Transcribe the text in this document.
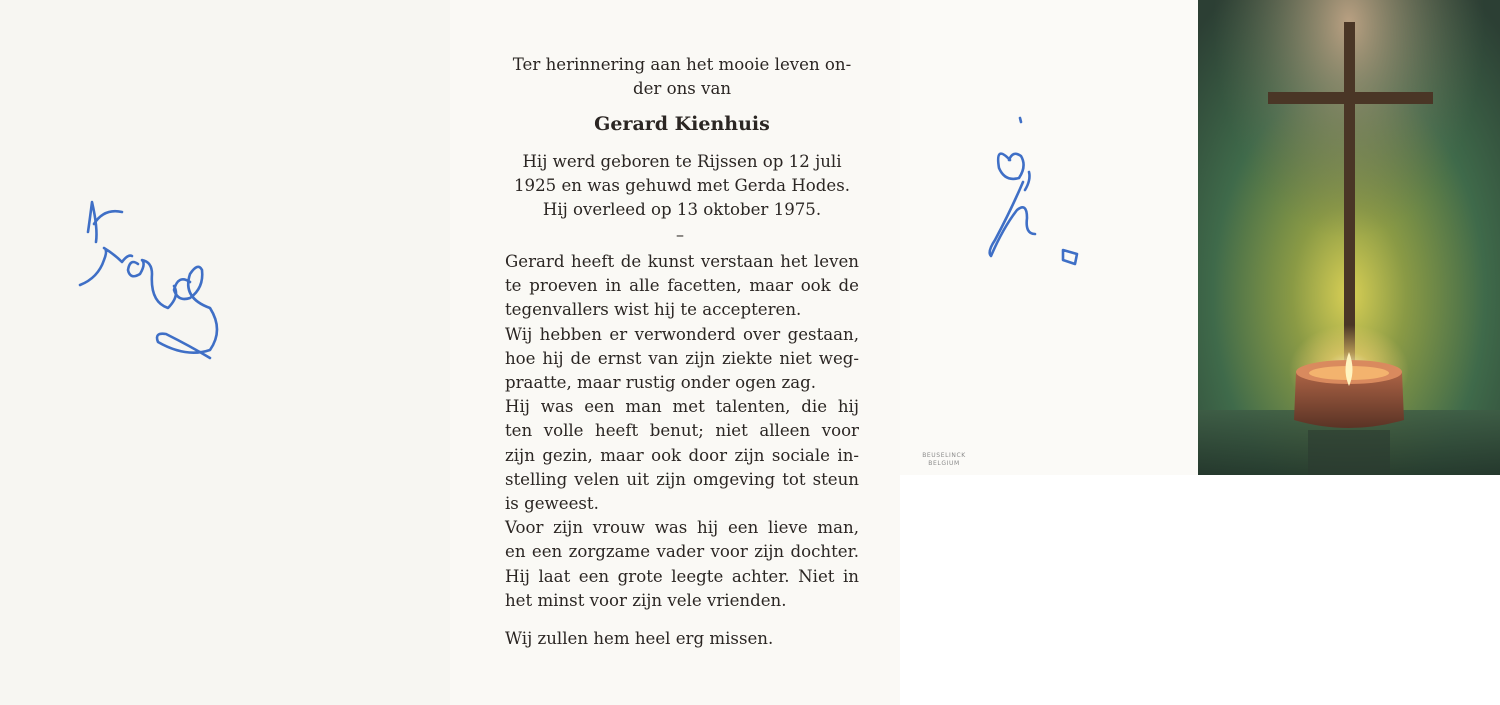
Ter herinnering aan het mooie leven on-
der ons van
Gerard Kienhuis
Hij werd geboren te Rijssen op 12 juli
1925 en was gehuwd met Gerda Hodes.
Hij overleed op 13 oktober 1975.
–
Gerard heeft de kunst verstaan het leven
te proeven in alle facetten, maar ook de
tegenvallers wist hij te accepteren.
Wij hebben er verwonderd over gestaan,
hoe hij de ernst van zijn ziekte niet weg-
praatte, maar rustig onder ogen zag.
Hij was een man met talenten, die hij
ten volle heeft benut; niet alleen voor
zijn gezin, maar ook door zijn sociale in-
stelling velen uit zijn omgeving tot steun
is geweest.
Voor zijn vrouw was hij een lieve man,
en een zorgzame vader voor zijn dochter.
Hij laat een grote leegte achter. Niet in
het minst voor zijn vele vrienden.
Wij zullen hem heel erg missen.
BEUSELINCK
BELGIUM
